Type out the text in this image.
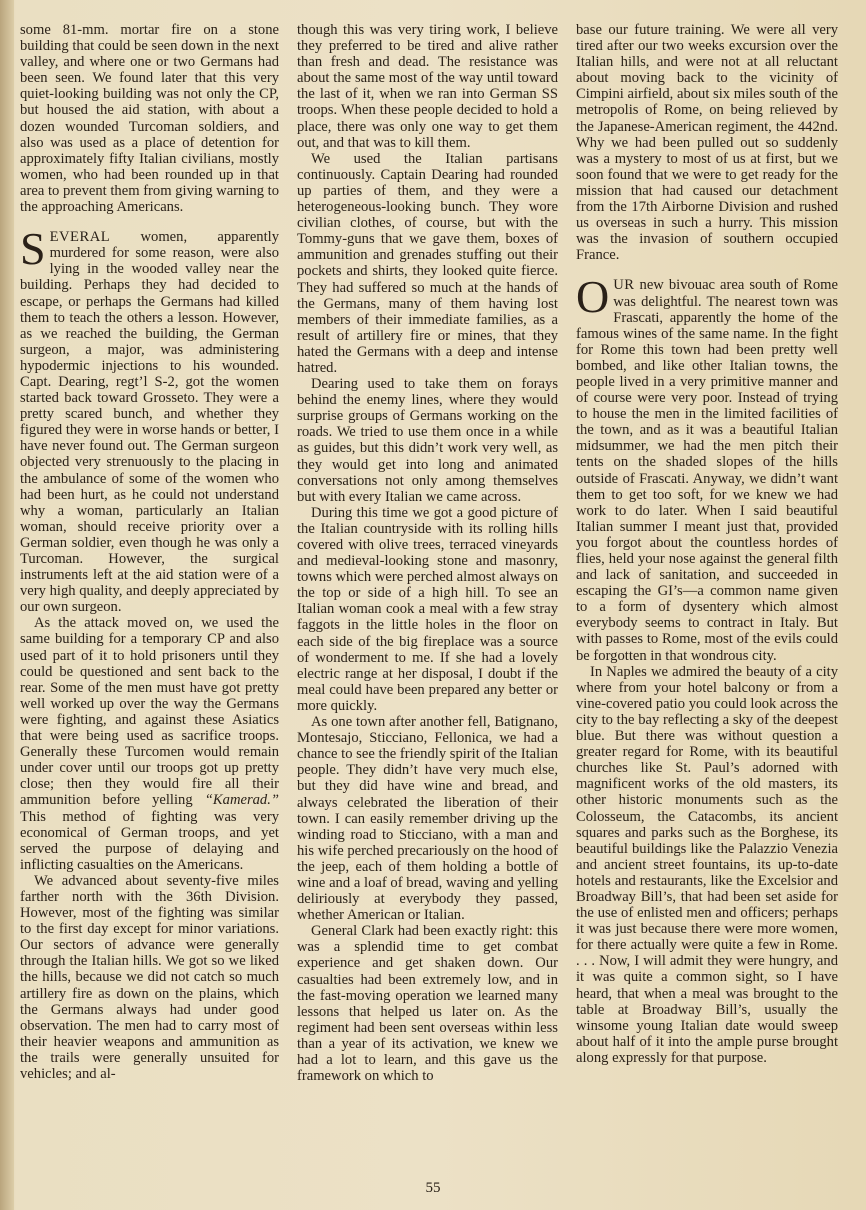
some 81-mm. mortar fire on a stone building that could be seen down in the next valley, and where one or two Germans had been seen. We found later that this very quiet-looking building was not only the CP, but housed the aid station, with about a dozen wounded Turcoman soldiers, and also was used as a place of detention for approximately fifty Italian civilians, mostly women, who had been rounded up in that area to prevent them from giving warning to the approaching Americans.

SEVERAL women, apparently murdered for some reason, were also lying in the wooded valley near the building. Perhaps they had decided to escape, or perhaps the Germans had killed them to teach the others a lesson. However, as we reached the building, the German surgeon, a major, was administering hypodermic injections to his wounded. Capt. Dearing, regt’l S-2, got the women started back toward Grosseto. They were a pretty scared bunch, and whether they figured they were in worse hands or better, I have never found out. The German surgeon objected very strenuously to the placing in the ambulance of some of the women who had been hurt, as he could not understand why a woman, particularly an Italian woman, should receive priority over a German soldier, even though he was only a Turcoman. However, the surgical instruments left at the aid station were of a very high quality, and deeply appreciated by our own surgeon.

As the attack moved on, we used the same building for a temporary CP and also used part of it to hold prisoners until they could be questioned and sent back to the rear. Some of the men must have got pretty well worked up over the way the Germans were fighting, and against these Asiatics that were being used as sacrifice troops. Generally these Turcomen would remain under cover until our troops got up pretty close; then they would fire all their ammunition before yelling “Kamerad.” This method of fighting was very economical of German troops, and yet served the purpose of delaying and inflicting casualties on the Americans.

We advanced about seventy-five miles farther north with the 36th Division. However, most of the fighting was similar to the first day except for minor variations. Our sectors of advance were generally through the Italian hills. We got so we liked the hills, because we did not catch so much artillery fire as down on the plains, which the Germans always had under good observation. The men had to carry most of their heavier weapons and ammunition as the trails were generally unsuited for vehicles; and al-

though this was very tiring work, I believe they preferred to be tired and alive rather than fresh and dead. The resistance was about the same most of the way until toward the last of it, when we ran into German SS troops. When these people decided to hold a place, there was only one way to get them out, and that was to kill them.

We used the Italian partisans continuously. Captain Dearing had rounded up parties of them, and they were a heterogeneous-looking bunch. They wore civilian clothes, of course, but with the Tommy-guns that we gave them, boxes of ammunition and grenades stuffing out their pockets and shirts, they looked quite fierce. They had suffered so much at the hands of the Germans, many of them having lost members of their immediate families, as a result of artillery fire or mines, that they hated the Germans with a deep and intense hatred.

Dearing used to take them on forays behind the enemy lines, where they would surprise groups of Germans working on the roads. We tried to use them once in a while as guides, but this didn’t work very well, as they would get into long and animated conversations not only among themselves but with every Italian we came across.

During this time we got a good picture of the Italian countryside with its rolling hills covered with olive trees, terraced vineyards and medieval-looking stone and masonry, towns which were perched almost always on the top or side of a high hill. To see an Italian woman cook a meal with a few stray faggots in the little holes in the floor on each side of the big fireplace was a source of wonderment to me. If she had a lovely electric range at her disposal, I doubt if the meal could have been prepared any better or more quickly.

As one town after another fell, Batignano, Montesajo, Sticciano, Fellonica, we had a chance to see the friendly spirit of the Italian people. They didn’t have very much else, but they did have wine and bread, and always celebrated the liberation of their town. I can easily remember driving up the winding road to Sticciano, with a man and his wife perched precariously on the hood of the jeep, each of them holding a bottle of wine and a loaf of bread, waving and yelling deliriously at everybody they passed, whether American or Italian.

General Clark had been exactly right: this was a splendid time to get combat experience and get shaken down. Our casualties had been extremely low, and in the fast-moving operation we learned many lessons that helped us later on. As the regiment had been sent overseas within less than a year of its activation, we knew we had a lot to learn, and this gave us the framework on which to

base our future training. We were all very tired after our two weeks excursion over the Italian hills, and were not at all reluctant about moving back to the vicinity of Cimpini airfield, about six miles south of the metropolis of Rome, on being relieved by the Japanese-American regiment, the 442nd. Why we had been pulled out so suddenly was a mystery to most of us at first, but we soon found that we were to get ready for the mission that had caused our detachment from the 17th Airborne Division and rushed us overseas in such a hurry. This mission was the invasion of southern occupied France.

OUR new bivouac area south of Rome was delightful. The nearest town was Frascati, apparently the home of the famous wines of the same name. In the fight for Rome this town had been pretty well bombed, and like other Italian towns, the people lived in a very primitive manner and of course were very poor. Instead of trying to house the men in the limited facilities of the town, and as it was a beautiful Italian midsummer, we had the men pitch their tents on the shaded slopes of the hills outside of Frascati. Anyway, we didn’t want them to get too soft, for we knew we had work to do later. When I said beautiful Italian summer I meant just that, provided you forgot about the countless hordes of flies, held your nose against the general filth and lack of sanitation, and succeeded in escaping the GI’s—a common name given to a form of dysentery which almost everybody seems to contract in Italy. But with passes to Rome, most of the evils could be forgotten in that wondrous city.

In Naples we admired the beauty of a city where from your hotel balcony or from a vine-covered patio you could look across the city to the bay reflecting a sky of the deepest blue. But there was without question a greater regard for Rome, with its beautiful churches like St. Paul’s adorned with magnificent works of the old masters, its other historic monuments such as the Colosseum, the Catacombs, its ancient squares and parks such as the Borghese, its beautiful buildings like the Palazzio Venezia and ancient street fountains, its up-to-date hotels and restaurants, like the Excelsior and Broadway Bill’s, that had been set aside for the use of enlisted men and officers; perhaps it was just because there were more women, for there actually were quite a few in Rome. . . . Now, I will admit they were hungry, and it was quite a common sight, so I have heard, that when a meal was brought to the table at Broadway Bill’s, usually the winsome young Italian date would sweep about half of it into the ample purse brought along expressly for that purpose.

55
